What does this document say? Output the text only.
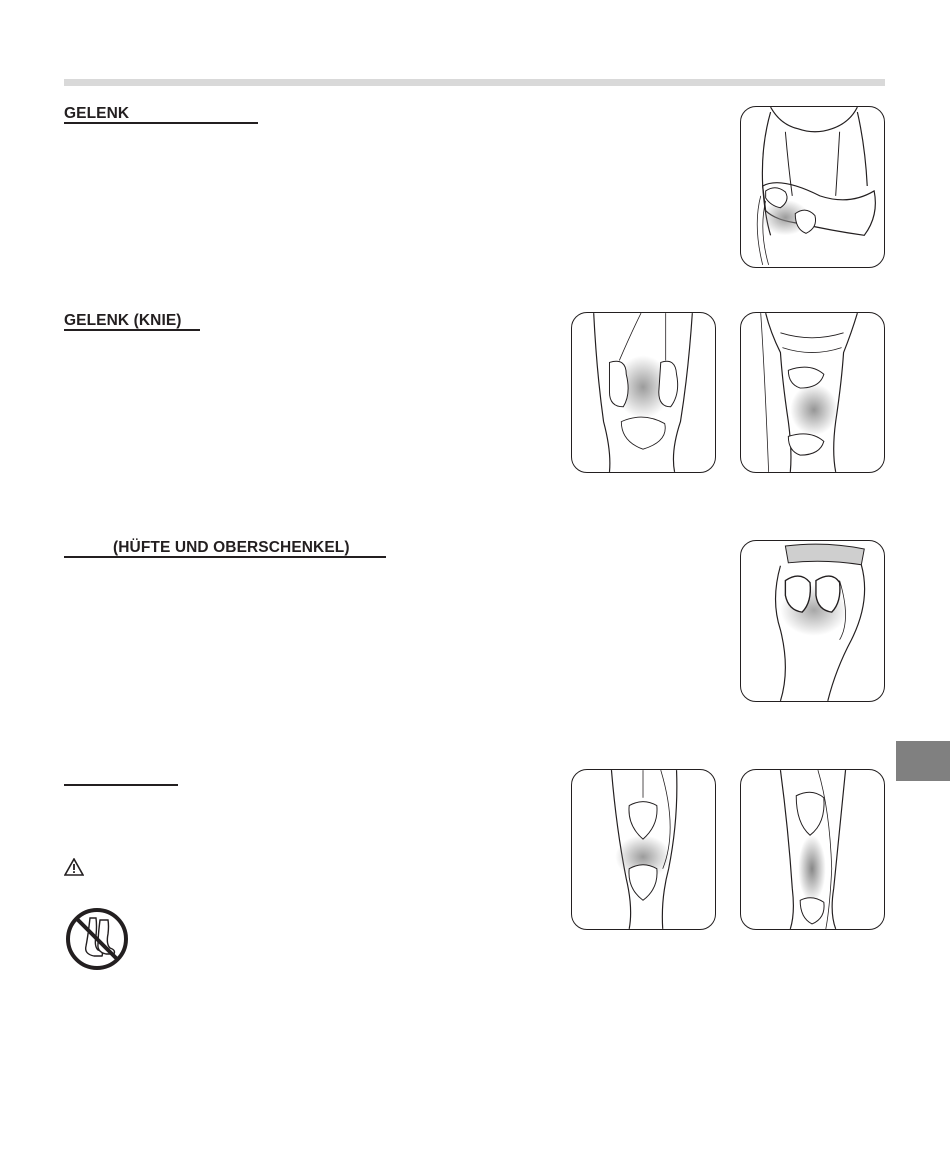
GELENK
GELENK (KNIE)
(HÜFTE UND OBERSCHENKEL)
